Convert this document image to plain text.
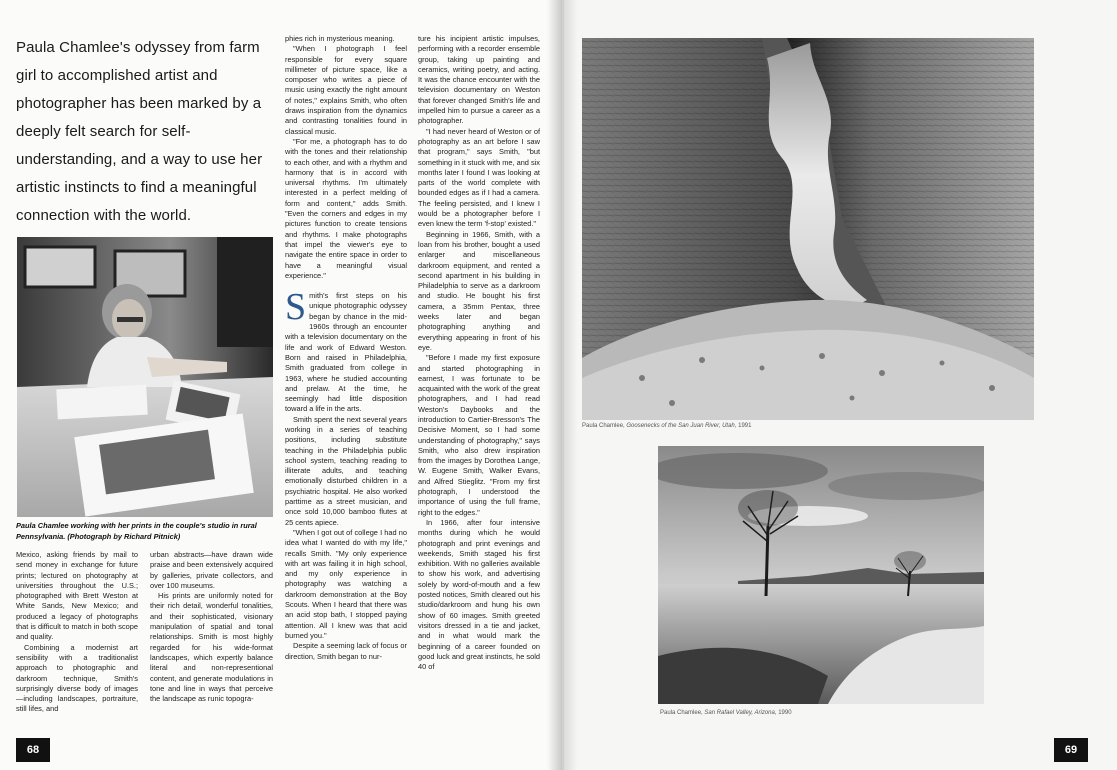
Paula Chamlee's odyssey from farm girl to accomplished artist and photographer has been marked by a deeply felt search for self-understanding, and a way to use her artistic instincts to find a meaningful connection with the world.
Paula Chamlee working with her prints in the couple's studio in rural Pennsylvania. (Photograph by Richard Pitnick)

Mexico, asking friends by mail to send money in exchange for future prints; lectured on photography at universities throughout the U.S.; photographed with Brett Weston at White Sands, New Mexico; and produced a legacy of photographs that is difficult to match in both scope and quality.

Combining a modernist art sensibility with a traditionalist approach to photographic and darkroom technique, Smith's surprisingly diverse body of images—including landscapes, portraiture, still lifes, and

urban abstracts—have drawn wide praise and been extensively acquired by galleries, private collectors, and over 100 museums.

His prints are uniformly noted for their rich detail, wonderful tonalities, and their sophisticated, visionary manipulation of spatial and tonal relationships. Smith is most highly regarded for his wide-format landscapes, which expertly balance literal and non-representional content, and generate modulations in tone and line in ways that perceive the landscape as runic topogra-

phies rich in mysterious meaning.

"When I photograph I feel responsible for every square millimeter of picture space, like a composer who writes a piece of music using exactly the right amount of notes," explains Smith, who often draws inspiration from the dynamics and contrasting tonalities found in classical music.

"For me, a photograph has to do with the tones and their relationship to each other, and with a rhythm and harmony that is in accord with universal rhythms. I'm ultimately interested in a perfect melding of form and content," adds Smith. "Even the corners and edges in my pictures function to create tensions and rhythms. I make photographs that impel the viewer's eye to navigate the entire space in order to have a meaningful visual experience."

Smith's first steps on his unique photographic odyssey began by chance in the mid-1960s through an encounter with a television documentary on the life and work of Edward Weston. Born and raised in Philadelphia, Smith graduated from college in 1963, where he studied accounting and prelaw. At the time, he seemingly had little disposition toward a life in the arts.

Smith spent the next several years working in a series of teaching positions, including substitute teaching in the Philadelphia public school system, teaching reading to illiterate adults, and teaching emotionally disturbed children in a psychiatric hospital. He also worked parttime as a street musician, and once sold 10,000 bamboo flutes at 25 cents apiece.

"When I got out of college I had no idea what I wanted do with my life," recalls Smith. "My only experience with art was failing it in high school, and my only experience in photography was watching a darkroom demonstration at the Boy Scouts. When I heard that there was an acid stop bath, I stopped paying attention. All I knew was that acid burned you."

Despite a seeming lack of focus or direction, Smith began to nur-

ture his incipient artistic impulses, performing with a recorder ensemble group, taking up painting and ceramics, writing poetry, and acting. It was the chance encounter with the television documentary on Weston that forever changed Smith's life and impelled him to pursue a career as a photographer.

"I had never heard of Weston or of photography as an art before I saw that program," says Smith, "but something in it stuck with me, and six months later I found I was looking at parts of the world complete with bounded edges as if I had a camera. The feeling persisted, and I knew I would be a photographer before I even knew the term 'f-stop' existed."

Beginning in 1966, Smith, with a loan from his brother, bought a used enlarger and miscellaneous darkroom equipment, and rented a second apartment in his building in Philadelphia to serve as a darkroom and studio. He bought his first camera, a 35mm Pentax, three weeks later and began photographing anything and everything appearing in front of his eye.

"Before I made my first exposure and started photographing in earnest, I was fortunate to be acquainted with the work of the great photographers, and I had read Weston's Daybooks and the introduction to Cartier-Bresson's The Decisive Moment, so I had some understanding of photography," says Smith, who also drew inspiration from the images by Dorothea Lange, W. Eugene Smith, Walker Evans, and Alfred Stieglitz. "From my first photograph, I understood the importance of using the full frame, right to the edges."

In 1966, after four intensive months during which he would photograph and print evenings and weekends, Smith staged his first exhibition. With no galleries available to show his work, and advertising solely by word-of-mouth and a few posted notices, Smith cleared out his studio/darkroom and hung his own show of 60 images. Smith greeted visitors dressed in a tie and jacket, and in what would mark the beginning of a career founded on good luck and great instincts, he sold 40 of

68	69
Paula Chamlee, Goosenecks of the San Juan River, Utah, 1991
Paula Chamlee, San Rafael Valley, Arizona, 1990
